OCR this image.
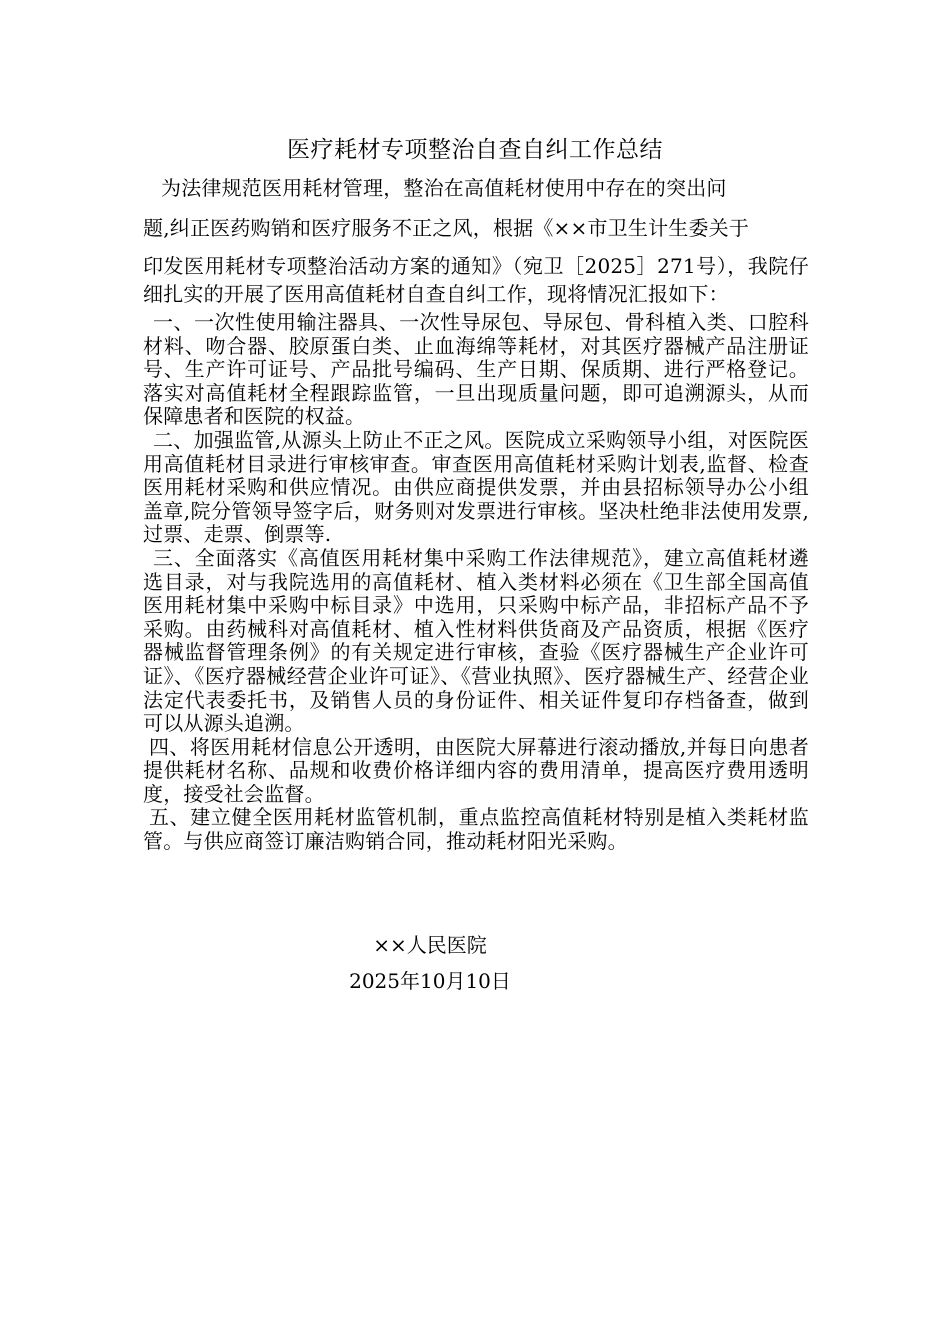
医疗耗材专项整治自查自纠工作总结

为法律规范医用耗材管理，整治在高值耗材使用中存在的突出问
题,纠正医药购销和医疗服务不正之风，根据《××市卫生计生委关于
印发医用耗材专项整治活动方案的通知》（宛卫［2025］271号），我院仔细扎实的开展了医用高值耗材自查自纠工作，现将情况汇报如下：

一、一次性使用输注器具、一次性导尿包、导尿包、骨科植入类、口腔科材料、吻合器、胶原蛋白类、止血海绵等耗材，对其医疗器械产品注册证号、生产许可证号、产品批号编码、生产日期、保质期、进行严格登记。落实对高值耗材全程跟踪监管，一旦出现质量问题，即可追溯源头，从而保障患者和医院的权益。

二、加强监管,从源头上防止不正之风。医院成立采购领导小组，对医院医用高值耗材目录进行审核审查。审查医用高值耗材采购计划表,监督、检查医用耗材采购和供应情况。由供应商提供发票，并由县招标领导办公小组盖章,院分管领导签字后，财务则对发票进行审核。坚决杜绝非法使用发票,过票、走票、倒票等.

三、全面落实《高值医用耗材集中采购工作法律规范》，建立高值耗材遴选目录，对与我院选用的高值耗材、植入类材料必须在《卫生部全国高值医用耗材集中采购中标目录》中选用，只采购中标产品，非招标产品不予采购。由药械科对高值耗材、植入性材料供货商及产品资质，根据《医疗器械监督管理条例》的有关规定进行审核，查验《医疗器械生产企业许可证》、《医疗器械经营企业许可证》、《营业执照》、医疗器械生产、经营企业法定代表委托书，及销售人员的身份证件、相关证件复印存档备查，做到可以从源头追溯。

四、将医用耗材信息公开透明，由医院大屏幕进行滚动播放,并每日向患者提供耗材名称、品规和收费价格详细内容的费用清单，提高医疗费用透明度，接受社会监督。

五、建立健全医用耗材监管机制，重点监控高值耗材特别是植入类耗材监管。与供应商签订廉洁购销合同，推动耗材阳光采购。

××人民医院
2025年10月10日
